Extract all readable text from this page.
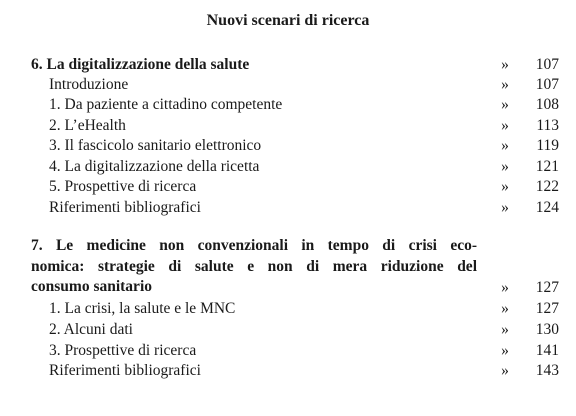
Nuovi scenari di ricerca
6. La digitalizzazione della salute	» 107
Introduzione	» 107
1. Da paziente a cittadino competente	» 108
2. L’eHealth	» 113
3. Il fascicolo sanitario elettronico	» 119
4. La digitalizzazione della ricetta	» 121
5. Prospettive di ricerca	» 122
Riferimenti bibliografici	» 124
7. Le medicine non convenzionali in tempo di crisi eco-
nomica: strategie di salute e non di mera riduzione del
consumo sanitario	» 127
1. La crisi, la salute e le MNC	» 127
2. Alcuni dati	» 130
3. Prospettive di ricerca	» 141
Riferimenti bibliografici	» 143
